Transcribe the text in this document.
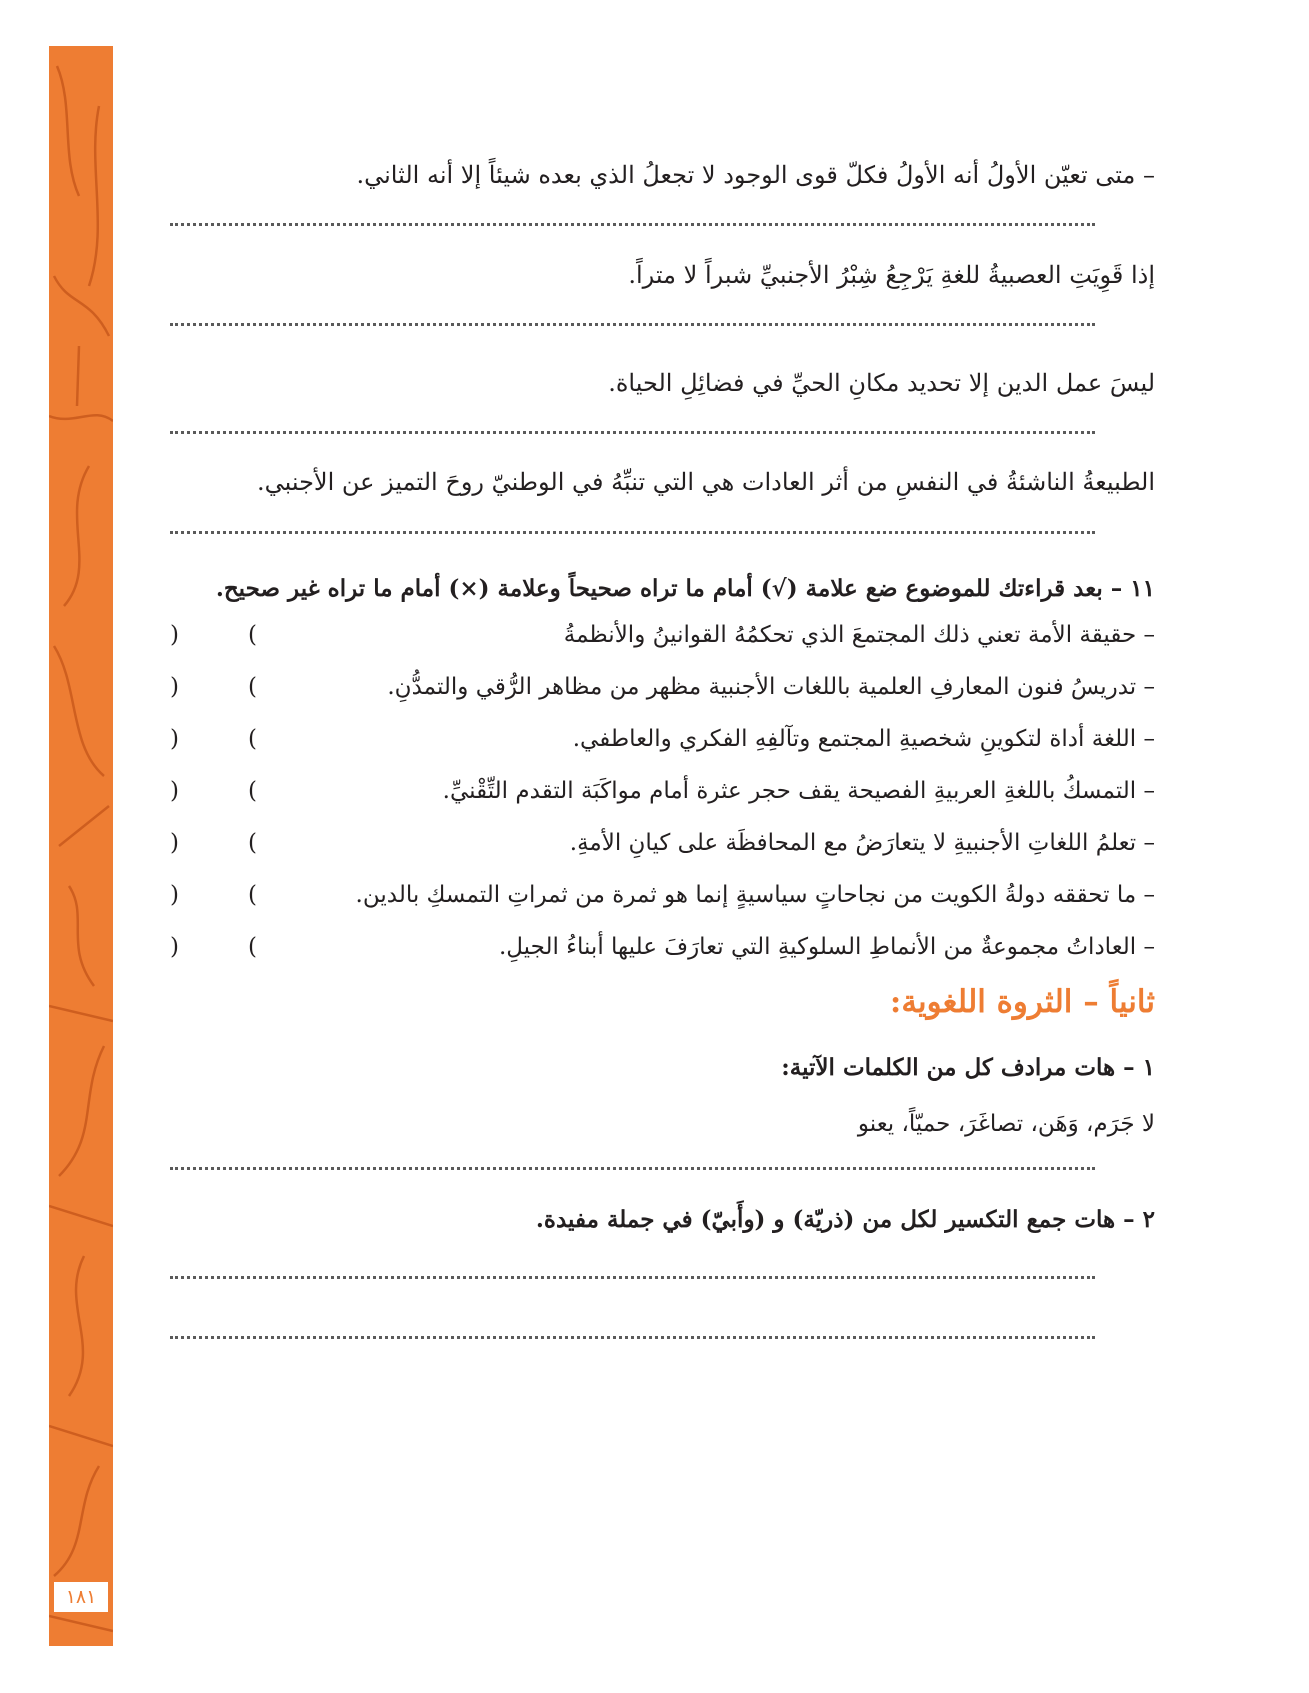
١٨١
– متى تعيّن الأولُ أنه الأولُ فكلّ قوى الوجود لا تجعلُ الذي بعده شيئاً إلا أنه الثاني.
إذا قَوِيَتِ العصبيةُ للغةِ يَرْجِعُ شِبْرُ الأجنبيِّ شبراً لا متراً.
ليسَ عمل الدين إلا تحديد مكانِ الحيِّ في فضائِلِ الحياة.
الطبيعةُ الناشئةُ في النفسِ من أثر العادات هي التي تنبِّهُ في الوطنيّ روحَ التميز عن الأجنبي.
١١ – بعد قراءتك للموضوع ضع علامة (√) أمام ما تراه صحيحاً وعلامة (×) أمام ما تراه غير صحيح.
– حقيقة الأمة تعني ذلك المجتمعَ الذي تحكمُهُ القوانينُ والأنظمةُ
(
)
– تدريسُ فنون المعارفِ العلمية باللغات الأجنبية مظهر من مظاهر الرُّقي والتمدُّنِ.
(
)
– اللغة أداة لتكوينِ شخصيةِ المجتمع وتآلفِهِ الفكري والعاطفي.
(
)
– التمسكُ باللغةِ العربيةِ الفصيحة يقف حجر عثرة أمام مواكَبَة التقدم التِّقْنيِّ.
(
)
– تعلمُ اللغاتِ الأجنبيةِ لا يتعارَضُ مع المحافظَة على كيانِ الأمةِ.
(
)
– ما تحققه دولةُ الكويت من نجاحاتٍ سياسيةٍ إنما هو ثمرة من ثمراتِ التمسكِ بالدين.
(
)
– العاداتُ مجموعةٌ من الأنماطِ السلوكيةِ التي تعارَفَ عليها أبناءُ الجيلِ.
(
)
ثانياً – الثروة اللغوية:
١ – هات مرادف كل من الكلمات الآتية:
لا جَرَم، وَهَن، تصاغَرَ، حميّاً، يعنو
٢ – هات جمع التكسير لكل من (ذريّة) و (وأَبيّ) في جملة مفيدة.
